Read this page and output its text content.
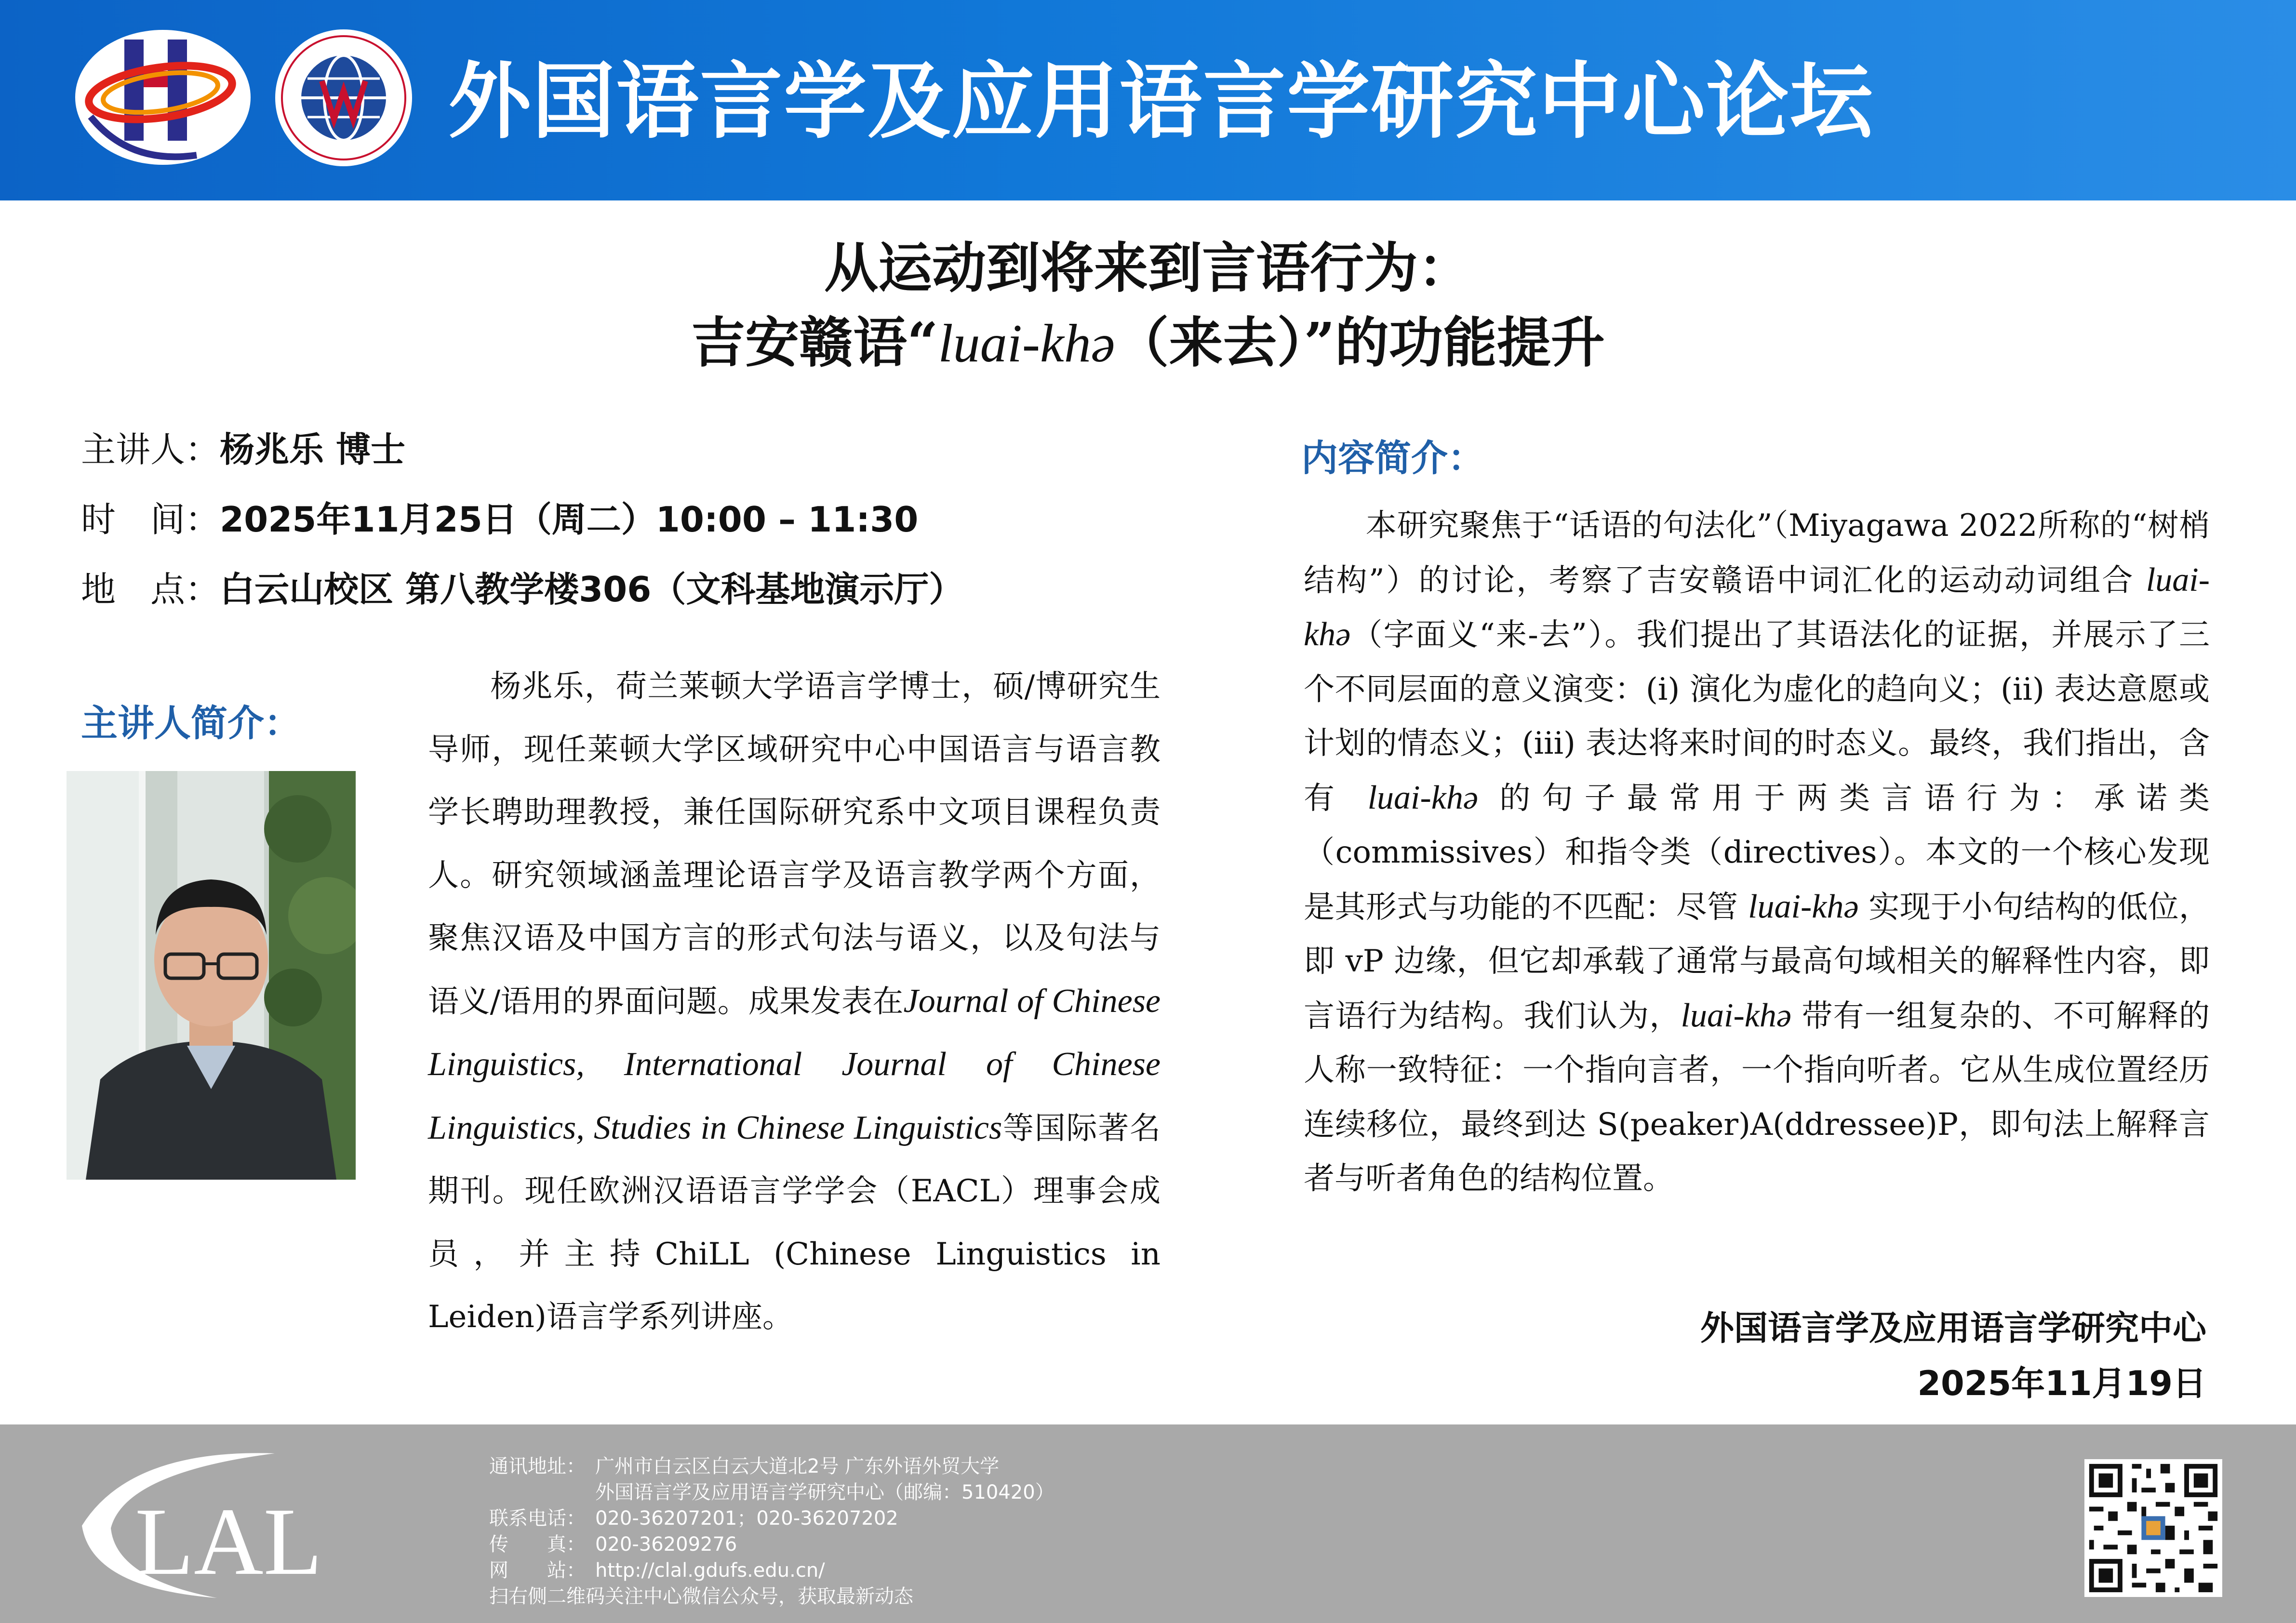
外国语言学及应用语言学研究中心论坛
从运动到将来到言语行为：
吉安赣语“luai-khə（来去）”的功能提升
主讲人：杨兆乐 博士
时　间：2025年11月25日（周二）10:00 – 11:30
地　点：白云山校区 第八教学楼306（文科基地演示厅）
主讲人简介：
杨兆乐，荷兰莱顿大学语言学博士，硕/博研究生导师，现任莱顿大学区域研究中心中国语言与语言教学长聘助理教授，兼任国际研究系中文项目课程负责人。研究领域涵盖理论语言学及语言教学两个方面，聚焦汉语及中国方言的形式句法与语义，以及句法与语义/语用的界面问题。成果发表在Journal of Chinese Linguistics, International Journal of Chinese Linguistics, Studies in Chinese Linguistics等国际著名期刊。现任欧洲汉语语言学学会（EACL）理事会成员，并主持ChiLL (Chinese Linguistics in Leiden)语言学系列讲座。
内容简介：
本研究聚焦于“话语的句法化”（Miyagawa 2022所称的“树梢结构”）的讨论，考察了吉安赣语中词汇化的运动动词组合 luai-khə（字面义“来-去”）。我们提出了其语法化的证据，并展示了三个不同层面的意义演变：(i) 演化为虚化的趋向义；(ii) 表达意愿或计划的情态义；(iii) 表达将来时间的时态义。最终，我们指出，含有 luai-khə 的句子最常用于两类言语行为：承诺类（commissives）和指令类（directives）。本文的一个核心发现是其形式与功能的不匹配：尽管 luai-khə 实现于小句结构的低位，即 vP 边缘，但它却承载了通常与最高句域相关的解释性内容，即言语行为结构。我们认为，luai-khə 带有一组复杂的、不可解释的人称一致特征：一个指向言者，一个指向听者。它从生成位置经历连续移位，最终到达 S(peaker)A(ddressee)P，即句法上解释言者与听者角色的结构位置。
外国语言学及应用语言学研究中心
2025年11月19日
LAL
通讯地址： 广州市白云区白云大道北2号 广东外语外贸大学
外国语言学及应用语言学研究中心（邮编：510420）
联系电话： 020-36207201；020-36207202
传　　真： 020-36209276
网　　站： http://clal.gdufs.edu.cn/
扫右侧二维码关注中心微信公众号，获取最新动态
